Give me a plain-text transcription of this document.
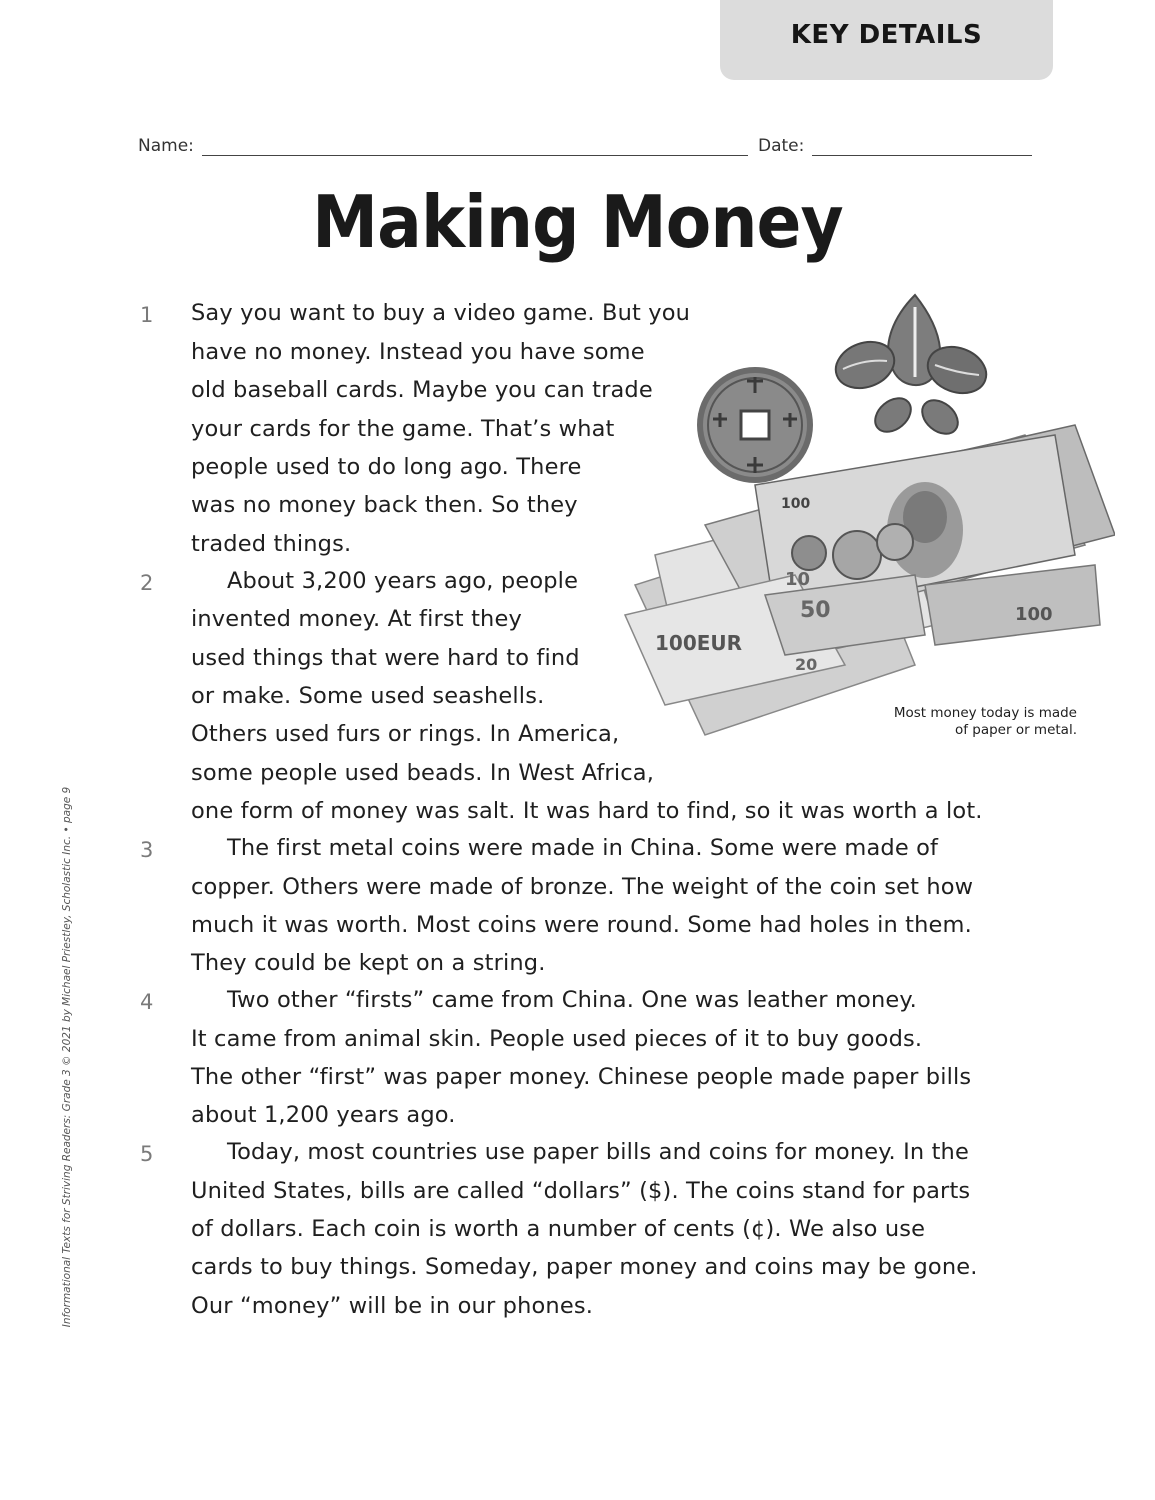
KEY DETAILS
Name:	Date:
Making Money
1
2
3
4
5
Say you want to buy a video game. But you
have no money. Instead you have some
old baseball cards. Maybe you can trade
your cards for the game. That’s what
people used to do long ago. There
was no money back then. So they
traded things.
About 3,200 years ago, people
invented money. At first they
used things that were hard to find
or make. Some used seashells.
Others used furs or rings. In America,
some people used beads. In West Africa,
one form of money was salt. It was hard to find, so it was worth a lot.
The first metal coins were made in China. Some were made of
copper. Others were made of bronze. The weight of the coin set how
much it was worth. Most coins were round. Some had holes in them.
They could be kept on a string.
Two other “firsts” came from China. One was leather money.
It came from animal skin. People used pieces of it to buy goods.
The other “first” was paper money. Chinese people made paper bills
about 1,200 years ago.
Today, most countries use paper bills and coins for money. In the
United States, bills are called “dollars” ($). The coins stand for parts
of dollars. Each coin is worth a number of cents (¢). We also use
cards to buy things. Someday, paper money and coins may be gone.
Our “money” will be in our phones.
100
100EUR
50	100
20
10
Most money today is made
of paper or metal.
Informational Texts for Striving Readers: Grade 3 © 2021 by Michael Priestley, Scholastic Inc. • page 9
